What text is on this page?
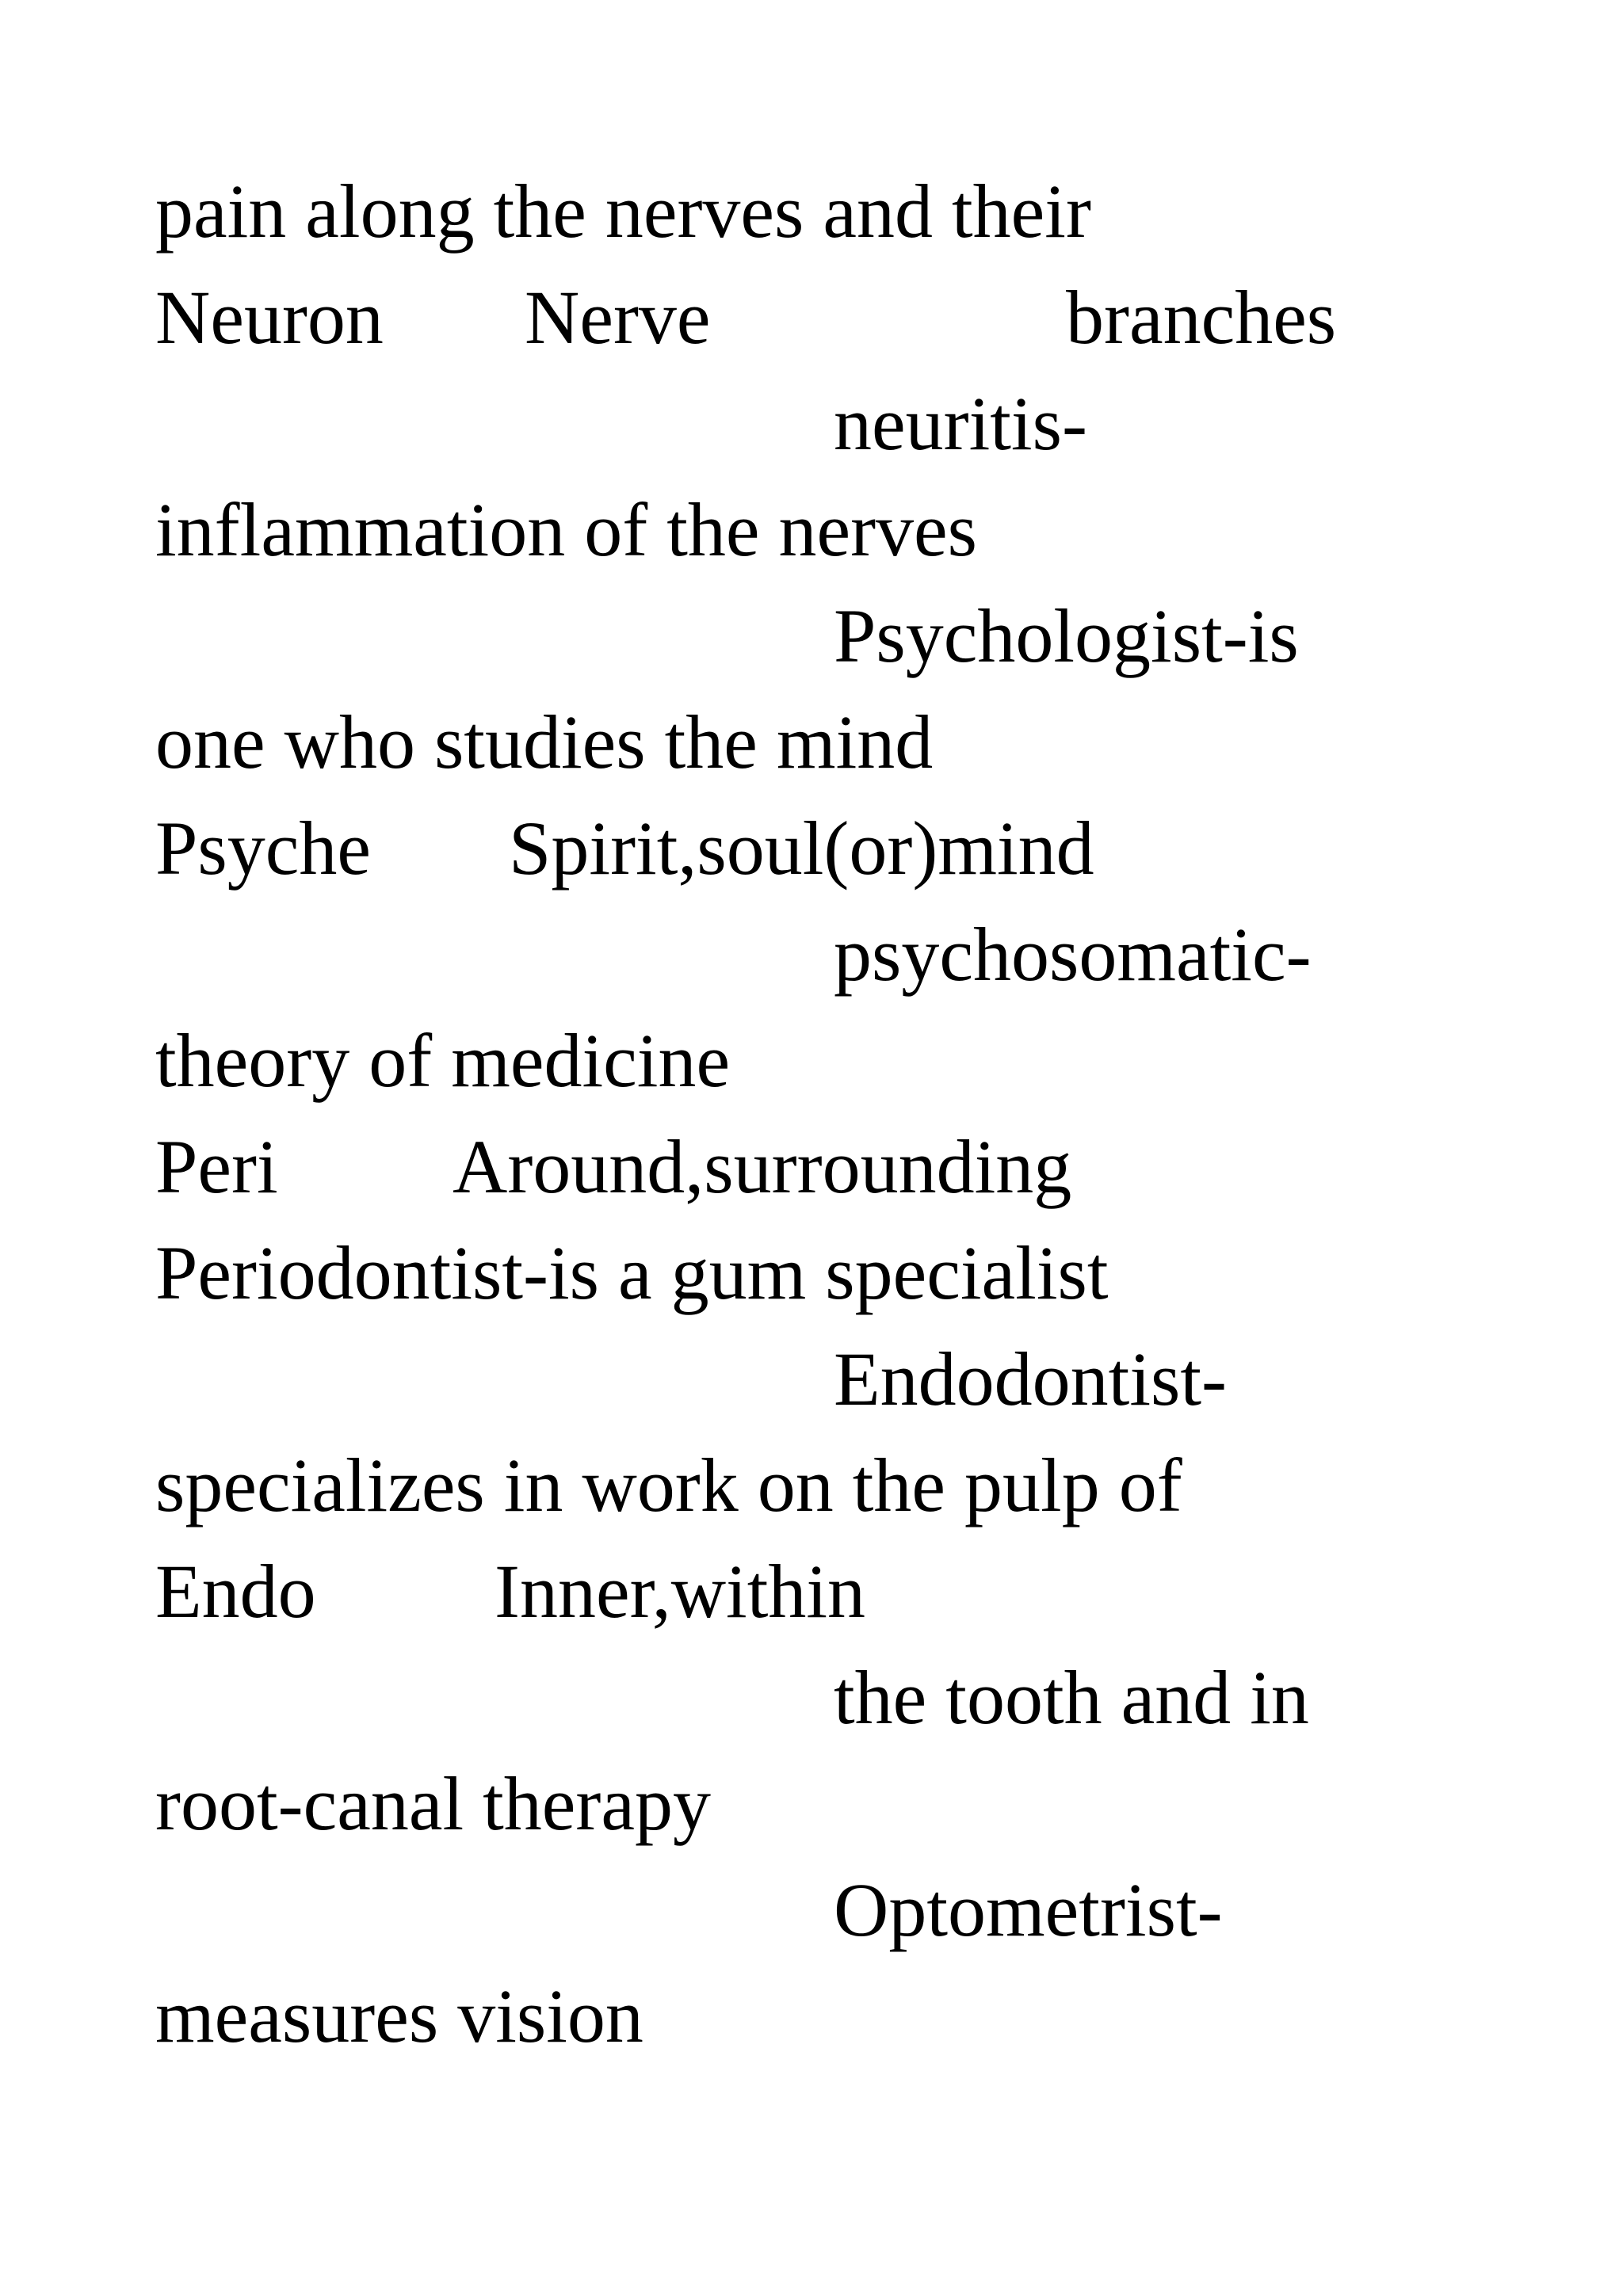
pain along the nerves and their
Neuron Nerve	branches
neuritis-
inflammation of the nerves
Psychologist-is
one who studies the mind
Psyche Spirit,soul(or)mind
psychosomatic-
theory of medicine
Peri Around,surrounding
Periodontist-is a gum specialist
Endodontist-
specializes in work on the pulp of
Endo Inner,within
the tooth and in
root-canal therapy
Optometrist-
measures vision
